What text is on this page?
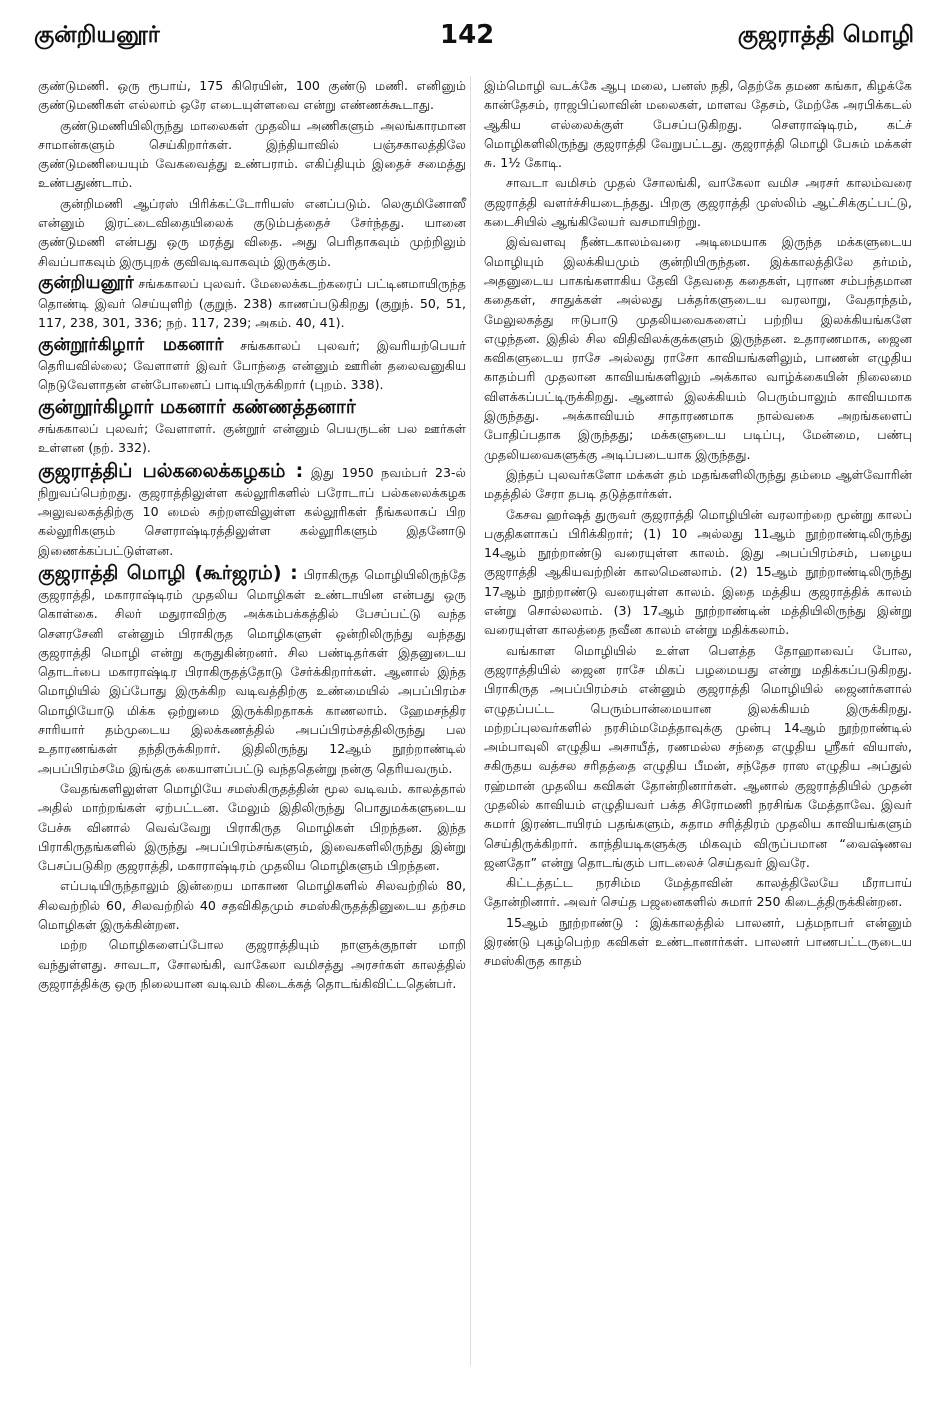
குன்றியனூர்	142	குஜராத்தி மொழி

குண்டுமணி. ஒரு ரூபாய், 175 கிரெயின், 100 குண்டு மணி. எனினும் குண்டுமணிகள் எல்லாம் ஒரே எடையுள்ளவை என்று எண்ணக்கூடாது.

குண்டுமணியிலிருந்து மாலைகள் முதலிய அணிகளும் அலங்காரமான சாமான்களும் செய்கிறார்கள். இந்தியாவில் பஞ்சகாலத்திலே குண்டுமணியையும் வேகவைத்து உண்பராம். எகிப்தியும் இதைச் சமைத்து உண்பதுண்டாம்.

குன்றிமணி ஆப்ரஸ் பிரிக்கட்டோரியஸ் எனப்படும். லெகுமினோஸீ என்னும் இரட்டைவிதையிலைக் குடும்பத்தைச் சேர்ந்தது. யானை குண்டுமணி என்பது ஒரு மரத்து விதை. அது பெரிதாகவும் முற்றிலும் சிவப்பாகவும் இருபுறக் குவிவடிவாகவும் இருக்கும்.

குன்றியனூர் சங்ககாலப் புலவர். மேலைக்கடற்கரைப் பட்டினமாயிருந்த தொண்டி இவர் செய்யுளிற் (குறுந். 238) காணப்படுகிறது (குறுந். 50, 51, 117, 238, 301, 336; நற். 117, 239; அகம். 40, 41).

குன்றூர்கிழார் மகனார் சங்ககாலப் புலவர்; இவரியற்பெயர் தெரியவில்லை; வேளாளர் இவர் போந்தை என்னும் ஊரின் தலைவனுகிய நெடுவேளாதன் என்போனைப் பாடியிருக்கிறார் (புறம். 338).

குன்றூர்கிழார் மகனார் கண்ணத்தனார்
சங்ககாலப் புலவர்; வேளாளர். குன்றூர் என்னும் பெயருடன் பல ஊர்கள் உள்ளன (நற். 332).

குஜராத்திப் பல்கலைக்கழகம் : இது 1950 நவம்பர் 23-ல் நிறுவப்பெற்றது. குஜராத்திலுள்ள கல்லூரிகளில் பரோடாப் பல்கலைக்கழக அலுவலகத்திற்கு 10 மைல் சுற்றளவிலுள்ள கல்லூரிகள் நீங்கலாகப் பிற கல்லூரிகளும் சௌராஷ்டிரத்திலுள்ள கல்லூரிகளும் இதனோடு இணைக்கப்பட்டுள்ளன.

குஜராத்தி மொழி (கூர்ஜரம்) : பிராகிருத மொழியிலிருந்தே குஜராத்தி, மகாராஷ்டிரம் முதலிய மொழிகள் உண்டாயின என்பது ஒரு கொள்கை. சிலர் மதுராவிற்கு அக்கம்பக்கத்தில் பேசப்பட்டு வந்த சௌரசேனி என்னும் பிராகிருத மொழிகளுள் ஒன்றிலிருந்து வந்தது குஜராத்தி மொழி என்று கருதுகின்றனர். சில பண்டிதர்கள் இதனுடைய தொடர்பை மகாராஷ்டிர பிராகிருதத்தோடு சேர்க்கிறார்கள். ஆனால் இந்த மொழியில் இப்போது இருக்கிற வடிவத்திற்கு உண்மையில் அபப்பிரம்ச மொழியோடு மிக்க ஒற்றுமை இருக்கிறதாகக் காணலாம். ஹேமசந்திர சாரியார் தம்முடைய இலக்கணத்தில் அபப்பிரம்சத்திலிருந்து பல உதாரணங்கள் தந்திருக்கிறார். இதிலிருந்து 12ஆம் நூற்றாண்டில் அபப்பிரம்சமே இங்குக் கையாளப்பட்டு வந்ததென்று நன்கு தெரியவரும்.

வேதங்களிலுள்ள மொழியே சமஸ்கிருதத்தின் மூல வடிவம். காலத்தால் அதில் மாற்றங்கள் ஏற்பட்டன. மேலும் இதிலிருந்து பொதுமக்களுடைய பேச்சு வினால் வெவ்வேறு பிராகிருத மொழிகள் பிறந்தன. இந்த பிராகிருதங்களில் இருந்து அபப்பிரம்சங்களும், இவைகளிலிருந்து இன்று பேசப்படுகிற குஜராத்தி, மகாராஷ்டிரம் முதலிய மொழிகளும் பிறந்தன.

எப்படியிருந்தாலும் இன்றைய மாகாண மொழிகளில் சிலவற்றில் 80, சிலவற்றில் 60, சிலவற்றில் 40 சதவிகிதமும் சமஸ்கிருதத்தினுடைய தற்சம மொழிகள் இருக்கின்றன.

மற்ற மொழிகளைப்போல குஜராத்தியும் நாளுக்குநாள் மாறி வந்துள்ளது. சாவடா, சோலங்கி, வாகேலா வமிசத்து அரசர்கள் காலத்தில் குஜராத்திக்கு ஒரு நிலையான வடிவம் கிடைக்கத் தொடங்கிவிட்டதென்பர்.

இம்மொழி வடக்கே ஆபு மலை, பனஸ் நதி, தெற்கே தமண கங்கா, கிழக்கே கான்தேசம், ராஜபிப்லாவின் மலைகள், மாளவ தேசம், மேற்கே அரபிக்கடல் ஆகிய எல்லைக்குள் பேசப்படுகிறது. சௌராஷ்டிரம், கட்ச் மொழிகளிலிருந்து குஜராத்தி வேறுபட்டது. குஜராத்தி மொழி பேசும் மக்கள் சு. 1½ கோடி.

சாவடா வமிசம் முதல் சோலங்கி, வாகேலா வமிச அரசர் காலம்வரை குஜராத்தி வளர்ச்சியடைந்தது. பிறகு குஜராத்தி முஸ்லிம் ஆட்சிக்குட்பட்டு, கடைசியில் ஆங்கிலேயர் வசமாயிற்று.

இவ்வளவு நீண்டகாலம்வரை அடிமையாக இருந்த மக்களுடைய மொழியும் இலக்கியமும் குன்றியிருந்தன. இக்காலத்திலே தர்மம், அதனுடைய பாகங்களாகிய தேவி தேவதை கதைகள், புராண சம்பந்தமான கதைகள், சாதுக்கள் அல்லது பக்தர்களுடைய வரலாறு, வேதாந்தம், மேலுலகத்து ஈடுபாடு முதலியவைகளைப் பற்றிய இலக்கியங்களே எழுந்தன. இதில் சில விதிவிலக்குக்களும் இருந்தன. உதாரணமாக, ஜைன கவிகளுடைய ராசே அல்லது ராசோ காவியங்களிலும், பாணன் எழுதிய காதம்பரி முதலான காவியங்களிலும் அக்கால வாழ்க்கையின் நிலைமை விளக்கப்பட்டிருக்கிறது. ஆனால் இலக்கியம் பெரும்பாலும் காவியமாக இருந்தது. அக்காவியம் சாதாரணமாக நால்வகை அறங்களைப் போதிப்பதாக இருந்தது; மக்களுடைய படிப்பு, மேன்மை, பண்பு முதலியவைகளுக்கு அடிப்படையாக இருந்தது.

இந்தப் புலவர்களோ மக்கள் தம் மதங்களிலிருந்து தம்மை ஆள்வோரின் மதத்தில் சேரா தபடி தடுத்தார்கள்.

கேசவ ஹர்ஷத் துருவர் குஜராத்தி மொழியின் வரலாற்றை மூன்று காலப் பகுதிகளாகப் பிரிக்கிறார்; (1) 10 அல்லது 11ஆம் நூற்றாண்டிலிருந்து 14ஆம் நூற்றாண்டு வரையுள்ள காலம். இது அபப்பிரம்சம், பழைய குஜராத்தி ஆகியவற்றின் காலமெனலாம். (2) 15ஆம் நூற்றாண்டிலிருந்து 17ஆம் நூற்றாண்டு வரையுள்ள காலம். இதை மத்திய குஜராத்திக் காலம் என்று சொல்லலாம். (3) 17ஆம் நூற்றாண்டின் மத்தியிலிருந்து இன்று வரையுள்ள காலத்தை நவீன காலம் என்று மதிக்கலாம்.

வங்காள மொழியில் உள்ள பௌத்த தோஹாவைப் போல, குஜராத்தியில் ஜைன ராசே மிகப் பழமையது என்று மதிக்கப்படுகிறது. பிராகிருத அபப்பிரம்சம் என்னும் குஜராத்தி மொழியில் ஜைனர்களால் எழுதப்பட்ட பெரும்பான்மையான இலக்கியம் இருக்கிறது. மற்றப்புலவர்களில் நரசிம்மமேத்தாவுக்கு முன்பு 14ஆம் நூற்றாண்டில் அம்பாவுலி எழுதிய அசாயீத், ரணமல்ல சந்தை எழுதிய ஸ்ரீகர் வியாஸ், சகிருதய வத்சல சரிதத்தை எழுதிய பீமன், சந்தேச ராஸ எழுதிய அப்துல் ரஹ்மான் முதலிய கவிகள் தோன்றினார்கள். ஆனால் குஜராத்தியில் முதன் முதலில் காவியம் எழுதியவர் பக்த சிரோமணி நரசிங்க மேத்தாவே. இவர் சுமார் இரண்டாயிரம் பதங்களும், சுதாம சரித்திரம் முதலிய காவியங்களும் செய்திருக்கிறார். காந்தியடிகளுக்கு மிகவும் விருப்பமான “வைஷ்ணவ ஜனதோ” என்று தொடங்கும் பாடலைச் செய்தவர் இவரே.

கிட்டத்தட்ட நரசிம்ம மேத்தாவின் காலத்திலேயே மீராபாய் தோன்றினார். அவர் செய்த பஜனைகளில் சுமார் 250 கிடைத்திருக்கின்றன.

15ஆம் நூற்றாண்டு : இக்காலத்தில் பாலனர், பத்மநாபர் என்னும் இரண்டு புகழ்பெற்ற கவிகள் உண்டானார்கள். பாலனர் பாணபட்டருடைய சமஸ்கிருத காதம்
